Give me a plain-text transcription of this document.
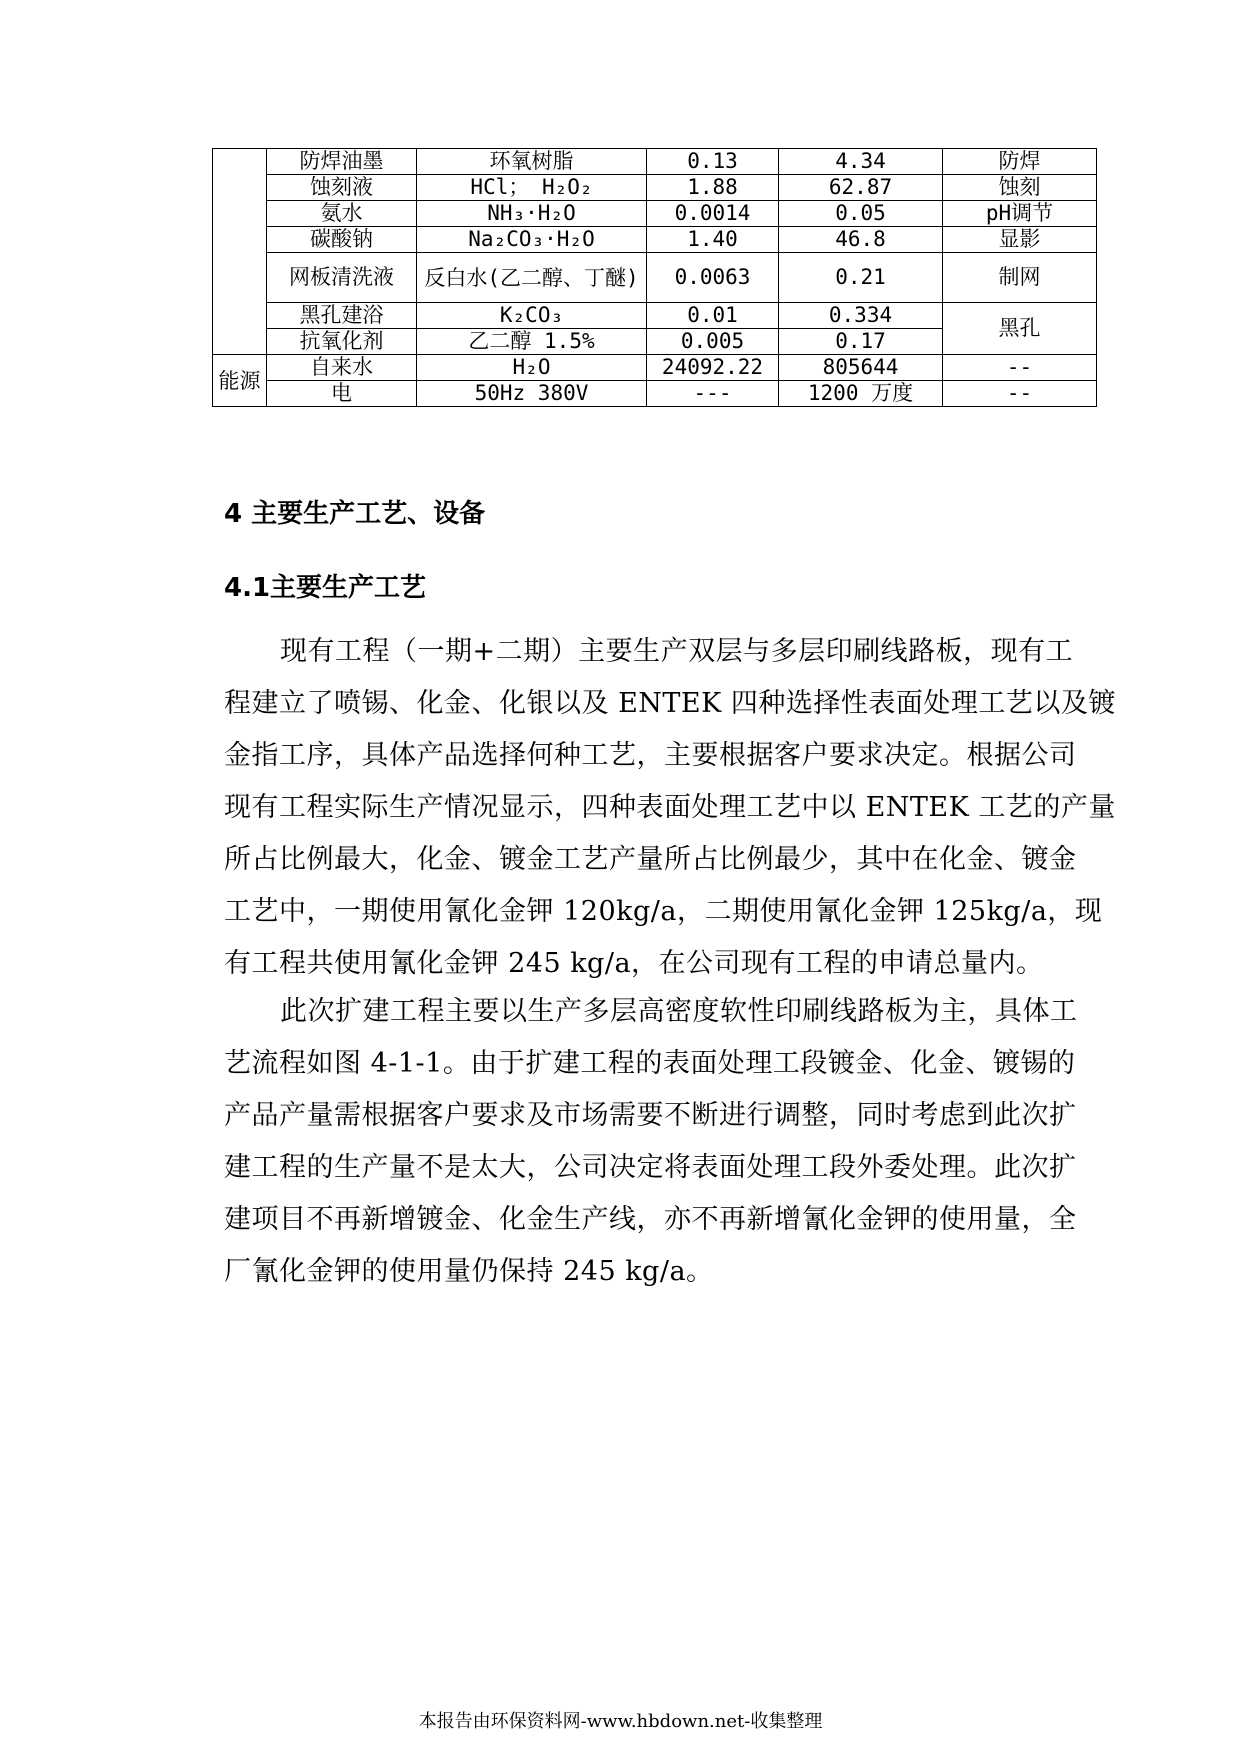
	防焊油墨	环氧树脂	0.13	4.34	防焊
	蚀刻液	HCl； H₂O₂	1.88	62.87	蚀刻
	氨水	NH₃·H₂O	0.0014	0.05	pH调节
	碳酸钠	Na₂CO₃·H₂O	1.40	46.8	显影
	网板清洗液	反白水(乙二醇、丁醚)	0.0063	0.21	制网
	黑孔建浴	K₂CO₃	0.01	0.334	黑孔
	抗氧化剂	乙二醇 1.5%	0.005	0.17	
能源	自来水	H₂O	24092.22	805644	--
	电	50Hz 380V	---	1200 万度	--
4 主要生产工艺、设备
4.1主要生产工艺
现有工程（一期+二期）主要生产双层与多层印刷线路板，现有工
程建立了喷锡、化金、化银以及 ENTEK 四种选择性表面处理工艺以及镀
金指工序，具体产品选择何种工艺，主要根据客户要求决定。根据公司
现有工程实际生产情况显示，四种表面处理工艺中以 ENTEK 工艺的产量
所占比例最大，化金、镀金工艺产量所占比例最少，其中在化金、镀金
工艺中，一期使用氰化金钾 120kg/a，二期使用氰化金钾 125kg/a，现
有工程共使用氰化金钾 245 kg/a，在公司现有工程的申请总量内。
此次扩建工程主要以生产多层高密度软性印刷线路板为主，具体工
艺流程如图 4-1-1。由于扩建工程的表面处理工段镀金、化金、镀锡的
产品产量需根据客户要求及市场需要不断进行调整，同时考虑到此次扩
建工程的生产量不是太大，公司决定将表面处理工段外委处理。此次扩
建项目不再新增镀金、化金生产线，亦不再新增氰化金钾的使用量，全
厂氰化金钾的使用量仍保持 245 kg/a。
本报告由环保资料网-www.hbdown.net-收集整理
